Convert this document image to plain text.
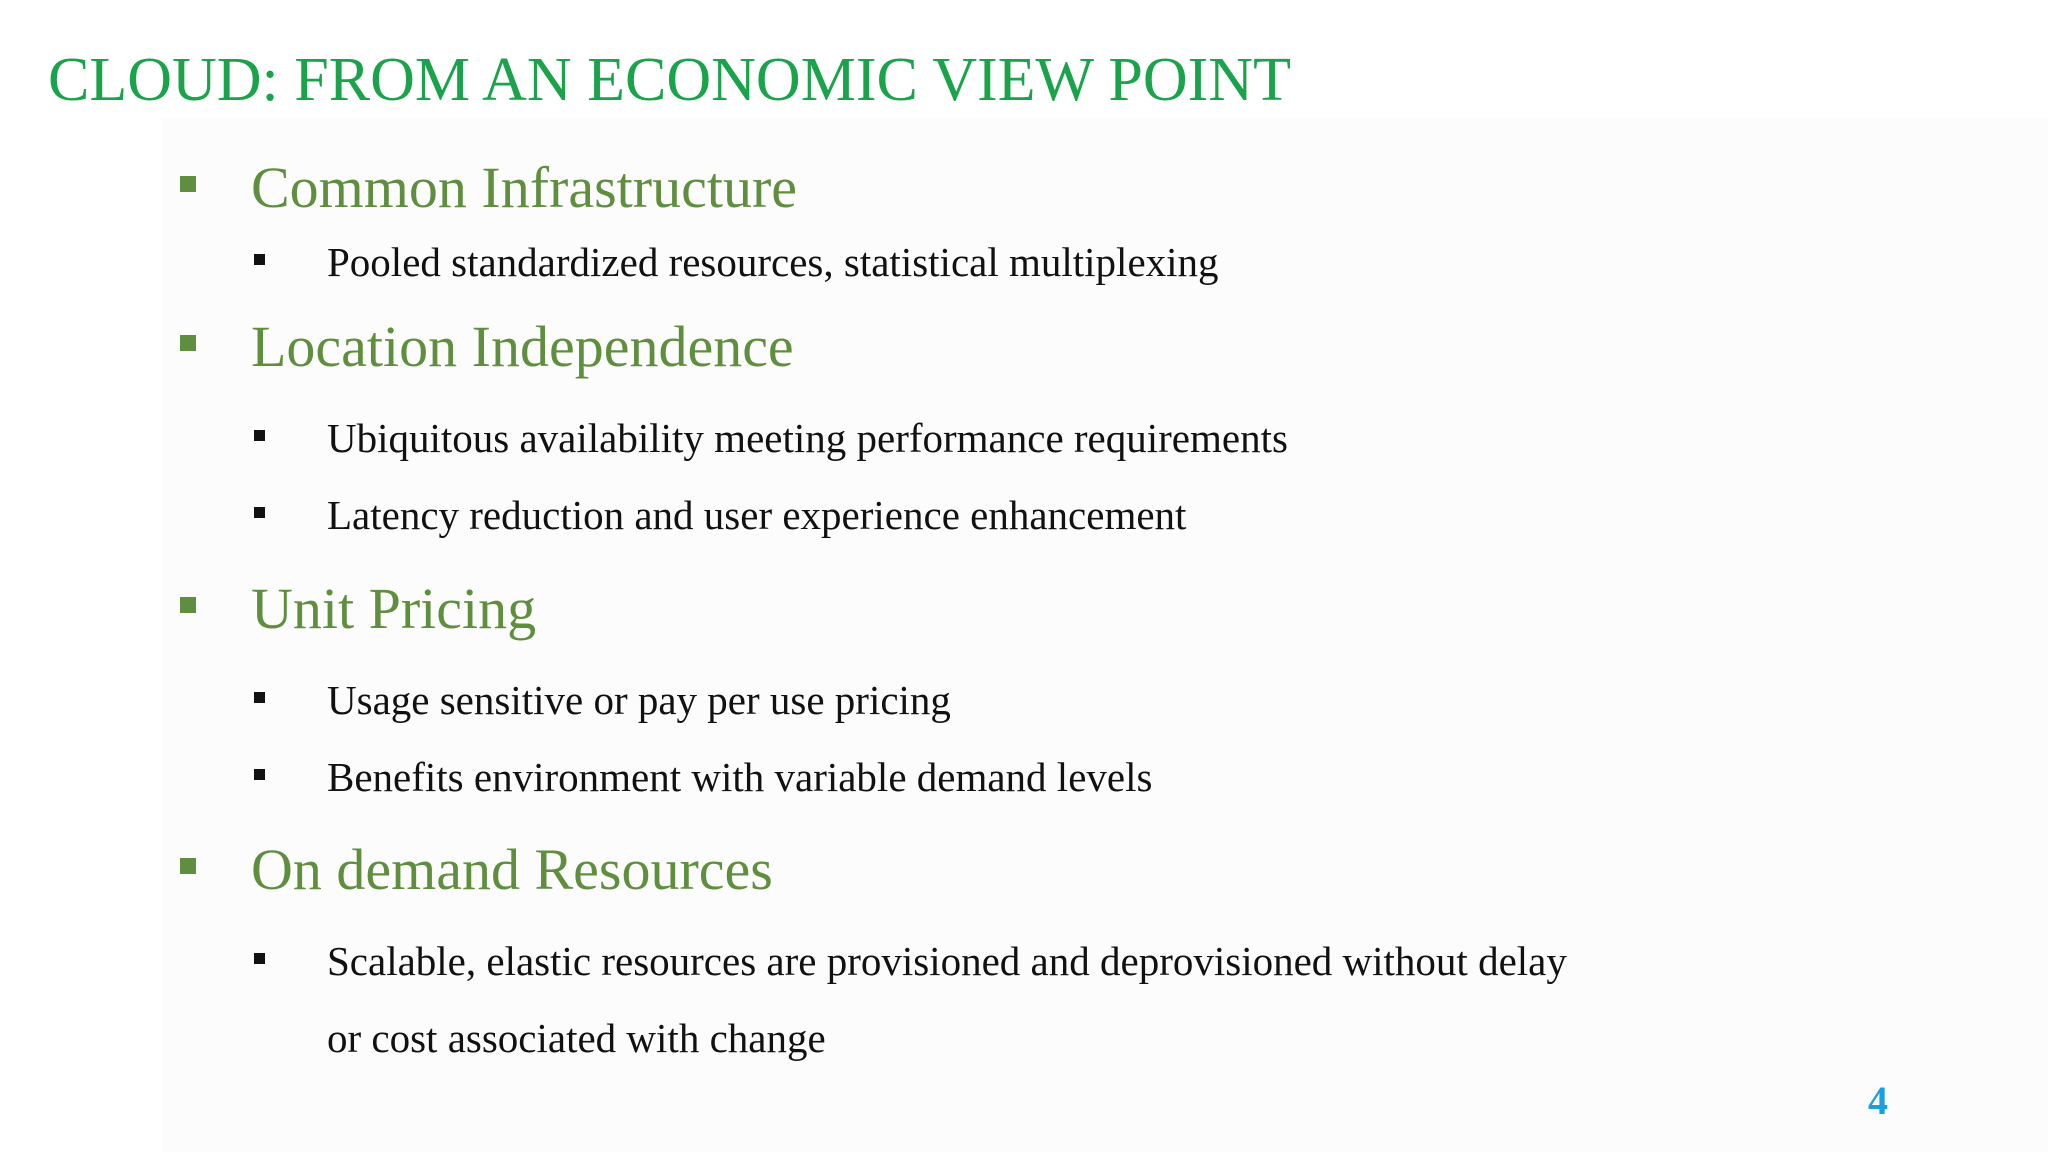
CLOUD: FROM AN ECONOMIC VIEW POINT
Common Infrastructure
Pooled standardized resources, statistical multiplexing
Location Independence
Ubiquitous availability meeting performance requirements
Latency reduction and user experience enhancement
Unit Pricing
Usage sensitive or pay per use pricing
Benefits environment with variable demand levels
On demand Resources
Scalable, elastic resources are provisioned and deprovisioned without delay
or cost associated with change
4
